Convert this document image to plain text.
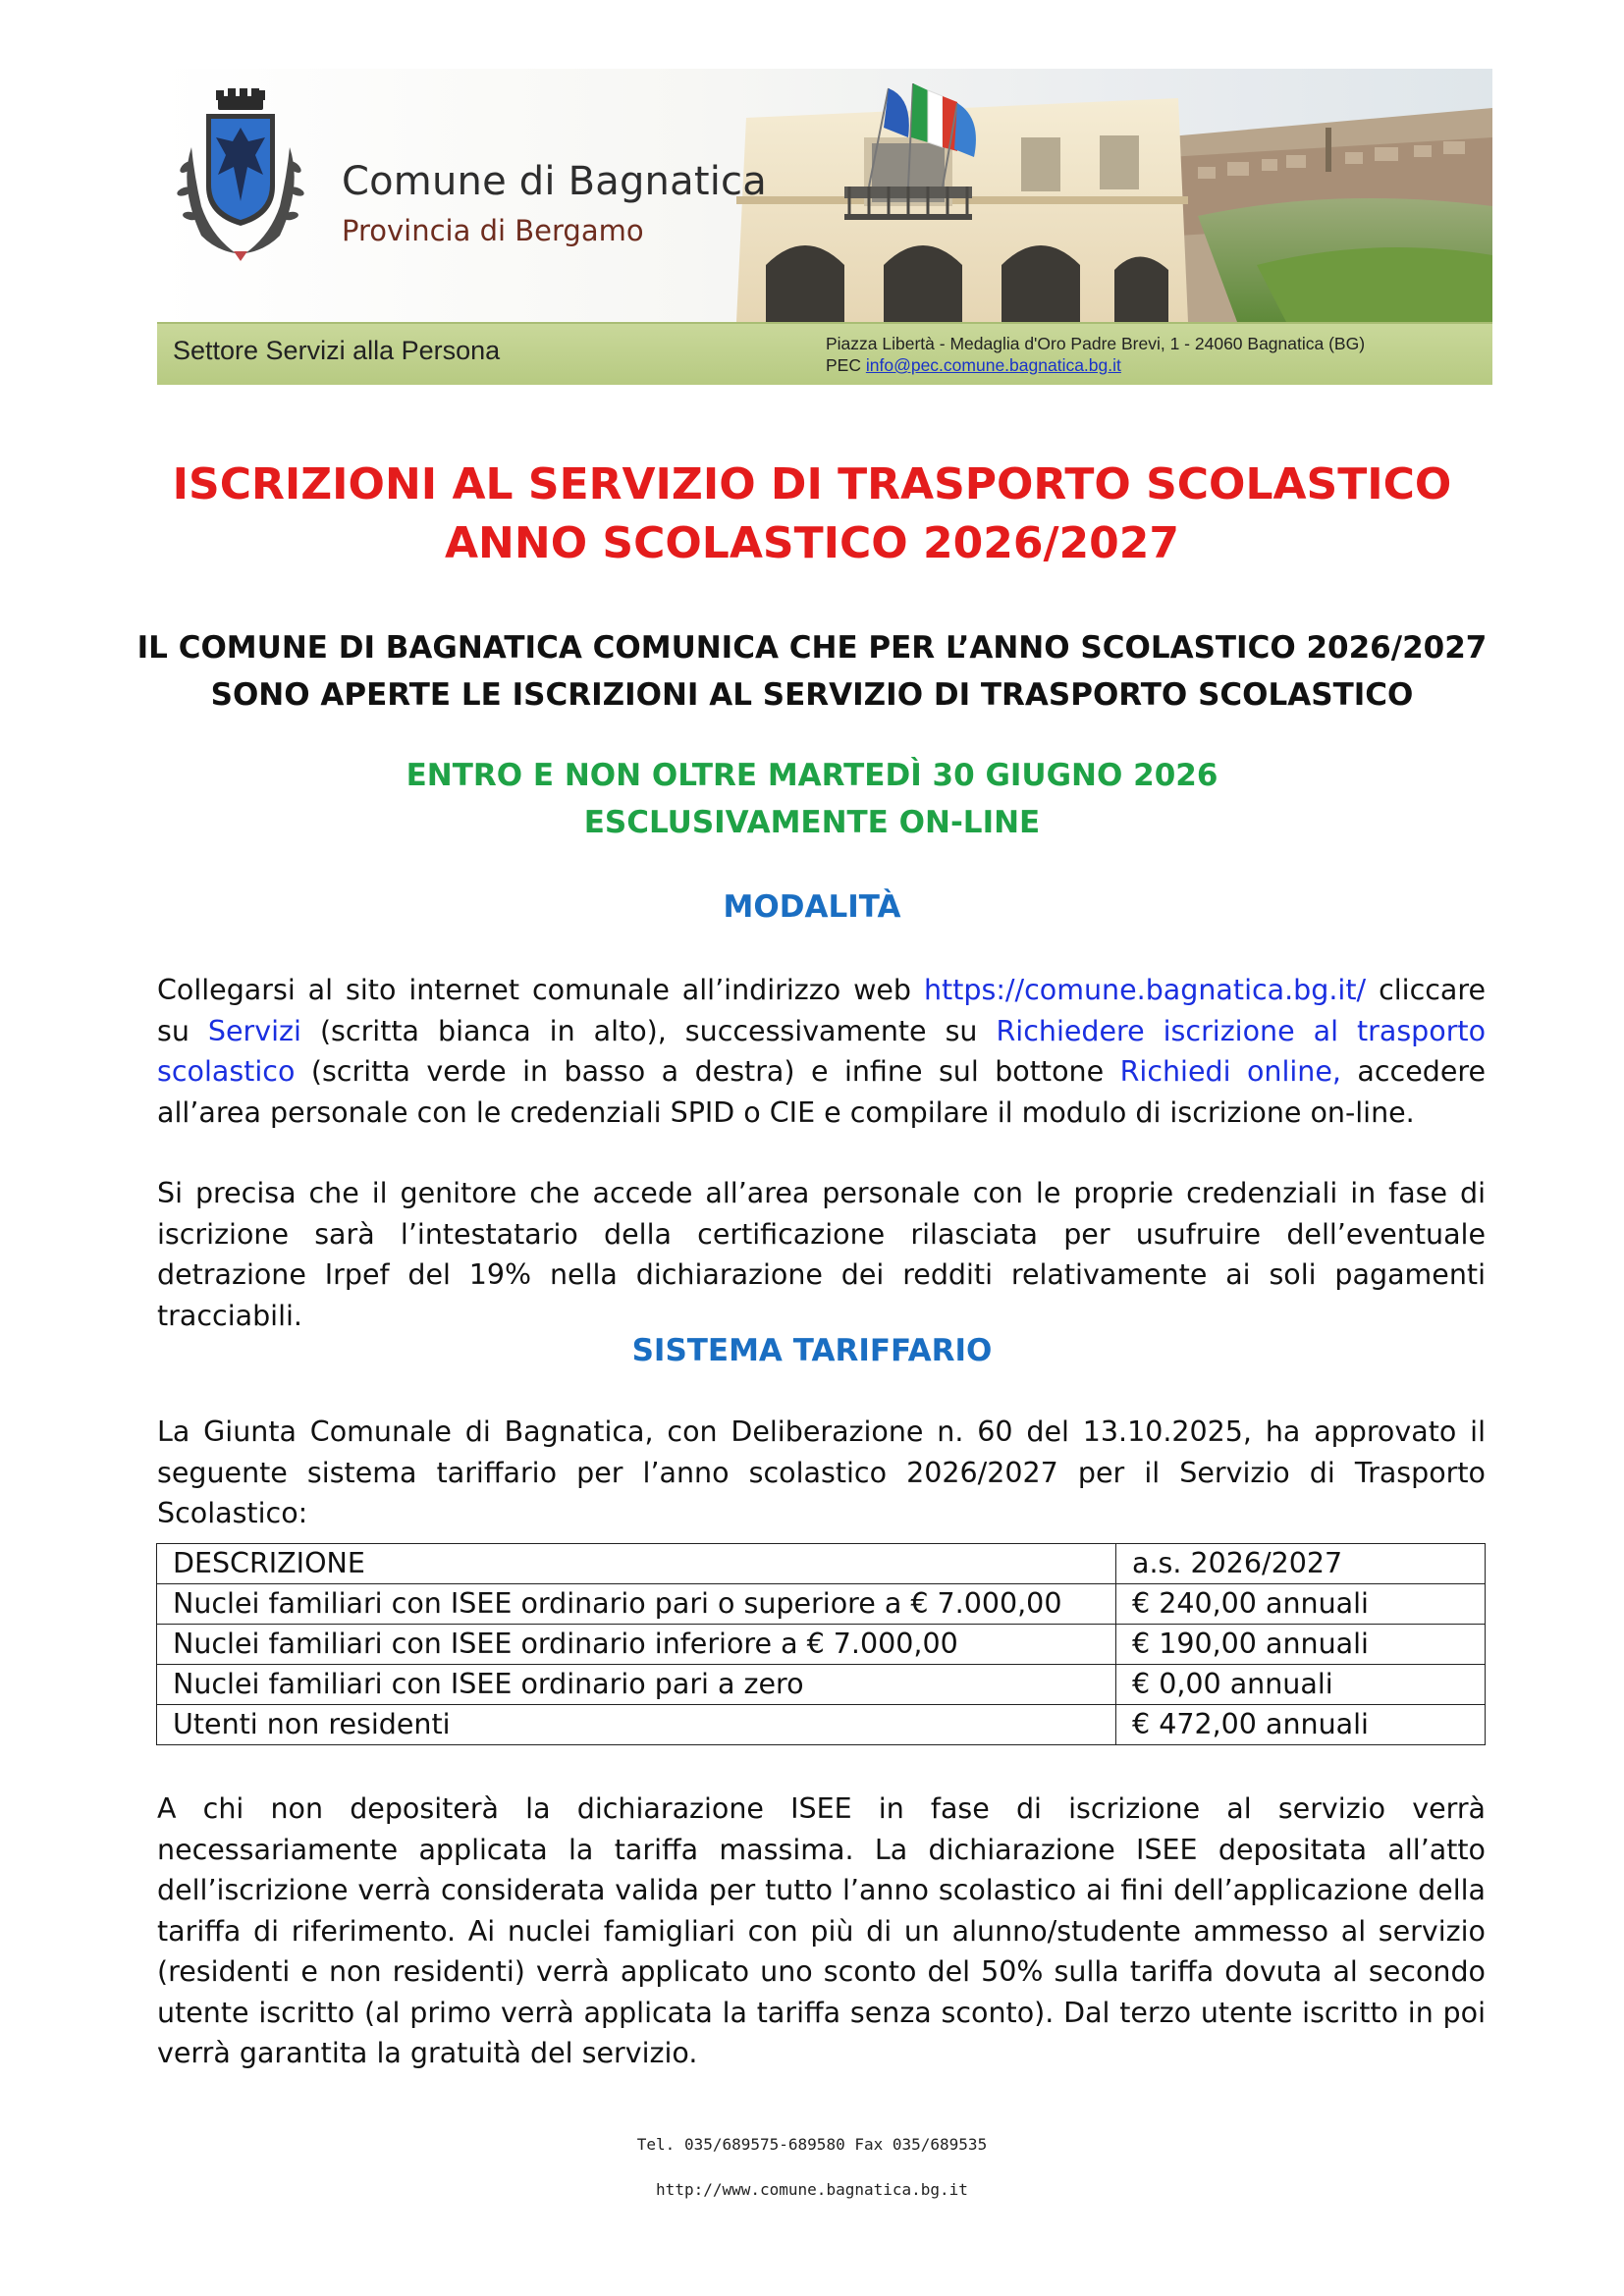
Comune di Bagnatica
Provincia di Bergamo
Settore Servizi alla Persona	Piazza Libertà - Medaglia d'Oro Padre Brevi, 1 - 24060 Bagnatica (BG)
PEC info@pec.comune.bagnatica.bg.it
ISCRIZIONI AL SERVIZIO DI TRASPORTO SCOLASTICO
ANNO SCOLASTICO 2026/2027
IL COMUNE DI BAGNATICA COMUNICA CHE PER L’ANNO SCOLASTICO 2026/2027
SONO APERTE LE ISCRIZIONI AL SERVIZIO DI TRASPORTO SCOLASTICO
ENTRO E NON OLTRE MARTEDÌ 30 GIUGNO 2026
ESCLUSIVAMENTE ON-LINE
MODALITÀ
Collegarsi al sito internet comunale all’indirizzo web https://comune.bagnatica.bg.it/ cliccare su Servizi (scritta bianca in alto), successivamente su Richiedere iscrizione al trasporto scolastico (scritta verde in basso a destra) e infine sul bottone Richiedi online, accedere all’area personale con le credenziali SPID o CIE e compilare il modulo di iscrizione on-line.
Si precisa che il genitore che accede all’area personale con le proprie credenziali in fase di iscrizione sarà l’intestatario della certificazione rilasciata per usufruire dell’eventuale detrazione Irpef del 19% nella dichiarazione dei redditi relativamente ai soli pagamenti tracciabili.
SISTEMA TARIFFARIO
La Giunta Comunale di Bagnatica, con Deliberazione n. 60 del 13.10.2025, ha approvato il seguente sistema tariffario per l’anno scolastico 2026/2027 per il Servizio di Trasporto Scolastico:
DESCRIZIONE	a.s. 2026/2027
Nuclei familiari con ISEE ordinario pari o superiore a € 7.000,00	€ 240,00 annuali
Nuclei familiari con ISEE ordinario inferiore a € 7.000,00	€ 190,00 annuali
Nuclei familiari con ISEE ordinario pari a zero	€ 0,00 annuali
Utenti non residenti	€ 472,00 annuali
A chi non depositerà la dichiarazione ISEE in fase di iscrizione al servizio verrà necessariamente applicata la tariffa massima. La dichiarazione ISEE depositata all’atto dell’iscrizione verrà considerata valida per tutto l’anno scolastico ai fini dell’applicazione della tariffa di riferimento. Ai nuclei famigliari con più di un alunno/studente ammesso al servizio (residenti e non residenti) verrà applicato uno sconto del 50% sulla tariffa dovuta al secondo utente iscritto (al primo verrà applicata la tariffa senza sconto). Dal terzo utente iscritto in poi verrà garantita la gratuità del servizio.
Tel. 035/689575-689580 Fax 035/689535
http://www.comune.bagnatica.bg.it
